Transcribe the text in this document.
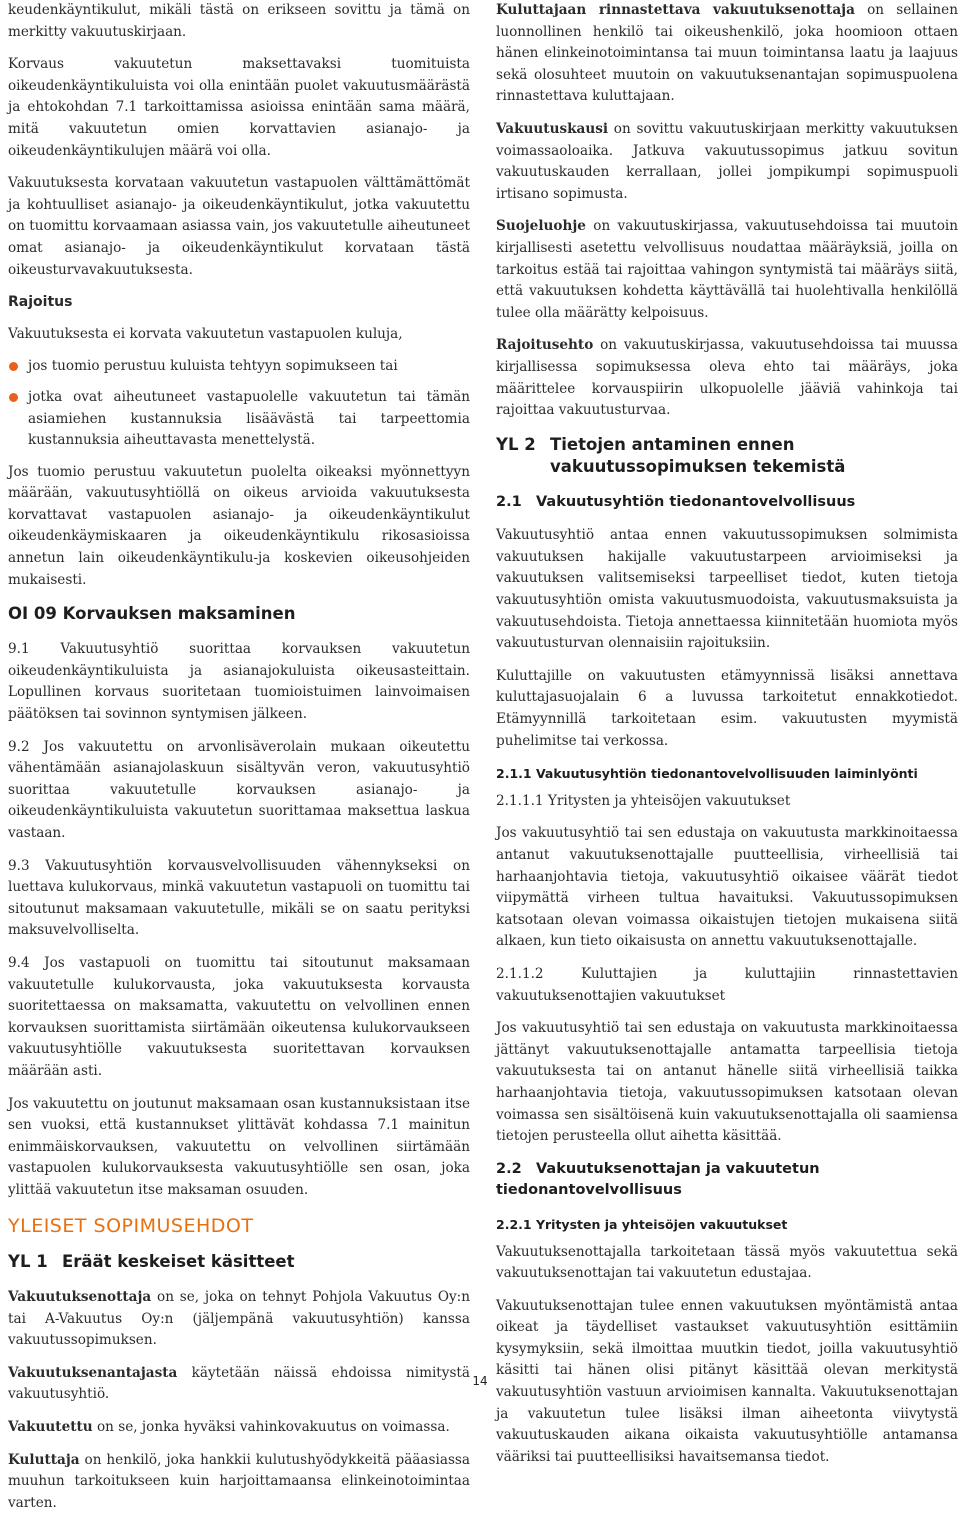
keudenkäyntikulut, mikäli tästä on erikseen sovittu ja tämä on merkitty vakuutuskirjaan.

Korvaus vakuutetun maksettavaksi tuomituista oikeudenkäyntikuluista voi olla enintään puolet vakuutusmäärästä ja ehtokohdan 7.1 tarkoittamissa asioissa enintään sama määrä, mitä vakuutetun omien korvattavien asianajo- ja oikeudenkäyntikulujen määrä voi olla.

Vakuutuksesta korvataan vakuutetun vastapuolen välttämättömät ja kohtuulliset asianajo- ja oikeudenkäyntikulut, jotka vakuutettu on tuomittu korvaamaan asiassa vain, jos vakuutetulle aiheutuneet omat asianajo- ja oikeudenkäyntikulut korvataan tästä oikeusturvavakuutuksesta.

Rajoitus

Vakuutuksesta ei korvata vakuutetun vastapuolen kuluja,

jos tuomio perustuu kuluista tehtyyn sopimukseen tai
jotka ovat aiheutuneet vastapuolelle vakuutetun tai tämän asiamiehen kustannuksia lisäävästä tai tarpeettomia kustannuksia aiheuttavasta menettelystä.

Jos tuomio perustuu vakuutetun puolelta oikeaksi myönnettyyn määrään, vakuutusyhtiöllä on oikeus arvioida vakuutuksesta korvattavat vastapuolen asianajo- ja oikeudenkäyntikulut oikeudenkäymiskaaren ja oikeudenkäyntikulu rikosasioissa annetun lain oikeudenkäyntikulu-ja koskevien oikeusohjeiden mukaisesti.

OI 09 Korvauksen maksaminen

9.1 Vakuutusyhtiö suorittaa korvauksen vakuutetun oikeudenkäyntikuluista ja asianajokuluista oikeusasteittain. Lopullinen korvaus suoritetaan tuomioistuimen lainvoimaisen päätöksen tai sovinnon syntymisen jälkeen.

9.2 Jos vakuutettu on arvonlisäverolain mukaan oikeutettu vähentämään asianajolaskuun sisältyvän veron, vakuutusyhtiö suorittaa vakuutetulle korvauksen asianajo- ja oikeudenkäyntikuluista vakuutetun suorittamaa maksettua laskua vastaan.

9.3 Vakuutusyhtiön korvausvelvollisuuden vähennykseksi on luettava kulukorvaus, minkä vakuutetun vastapuoli on tuomittu tai sitoutunut maksamaan vakuutetulle, mikäli se on saatu perityksi maksuvelvolliselta.

9.4 Jos vastapuoli on tuomittu tai sitoutunut maksamaan vakuutetulle kulukorvausta, joka vakuutuksesta korvausta suoritettaessa on maksamatta, vakuutettu on velvollinen ennen korvauksen suorittamista siirtämään oikeutensa kulukorvaukseen vakuutusyhtiölle vakuutuksesta suoritettavan korvauksen määrään asti.

Jos vakuutettu on joutunut maksamaan osan kustannuksistaan itse sen vuoksi, että kustannukset ylittävät kohdassa 7.1 mainitun enimmäiskorvauksen, vakuutettu on velvollinen siirtämään vastapuolen kulukorvauksesta vakuutusyhtiölle sen osan, joka ylittää vakuutetun itse maksaman osuuden.

YLEISET SOPIMUSEHDOT
YL 1 Eräät keskeiset käsitteet

Vakuutuksenottaja on se, joka on tehnyt Pohjola Vakuutus Oy:n tai A-Vakuutus Oy:n (jäljempänä vakuutusyhtiön) kanssa vakuutussopimuksen.

Vakuutuksenantajasta käytetään näissä ehdoissa nimitystä vakuutusyhtiö.

Vakuutettu on se, jonka hyväksi vahinkovakuutus on voimassa.

Kuluttaja on henkilö, joka hankkii kulutushyödykkeitä pääasiassa muuhun tarkoitukseen kuin harjoittamaansa elinkeinotoimintaa varten.

Kuluttajaan rinnastettava vakuutuksenottaja on sellainen luonnollinen henkilö tai oikeushenkilö, joka hoomioon ottaen hänen elinkeinotoimintansa tai muun toimintansa laatu ja laajuus sekä olosuhteet muutoin on vakuutuksenantajan sopimuspuolena rinnastettava kuluttajaan.

Vakuutuskausi on sovittu vakuutuskirjaan merkitty vakuutuksen voimassaoloaika. Jatkuva vakuutussopimus jatkuu sovitun vakuutuskauden kerrallaan, jollei jompikumpi sopimuspuoli irtisano sopimusta.

Suojeluohje on vakuutuskirjassa, vakuutusehdoissa tai muutoin kirjallisesti asetettu velvollisuus noudattaa määräyksiä, joilla on tarkoitus estää tai rajoittaa vahingon syntymistä tai määräys siitä, että vakuutuksen kohdetta käyttävällä tai huolehtivalla henkilöllä tulee olla määrätty kelpoisuus.

Rajoitusehto on vakuutuskirjassa, vakuutusehdoissa tai muussa kirjallisessa sopimuksessa oleva ehto tai määräys, joka määrittelee korvauspiirin ulkopuolelle jääviä vahinkoja tai rajoittaa vakuutusturvaa.

YL 2 Tietojen antaminen ennen vakuutussopimuksen tekemistä
2.1 Vakuutusyhtiön tiedonantovelvollisuus

Vakuutusyhtiö antaa ennen vakuutussopimuksen solmimista vakuutuksen hakijalle vakuutustarpeen arvioimiseksi ja vakuutuksen valitsemiseksi tarpeelliset tiedot, kuten tietoja vakuutusyhtiön omista vakuutusmuodoista, vakuutusmaksuista ja vakuutusehdoista. Tietoja annettaessa kiinnitetään huomiota myös vakuutusturvan olennaisiin rajoituksiin.

Kuluttajille on vakuutusten etämyynnissä lisäksi annettava kuluttajasuojalain 6 a luvussa tarkoitetut ennakkotiedot. Etämyynnillä tarkoitetaan esim. vakuutusten myymistä puhelimitse tai verkossa.

2.1.1 Vakuutusyhtiön tiedonantovelvollisuuden laiminlyönti

2.1.1.1 Yritysten ja yhteisöjen vakuutukset

Jos vakuutusyhtiö tai sen edustaja on vakuutusta markkinoitaessa antanut vakuutuksenottajalle puutteellisia, virheellisiä tai harhaanjohtavia tietoja, vakuutusyhtiö oikaisee väärät tiedot viipymättä virheen tultua havaituksi. Vakuutussopimuksen katsotaan olevan voimassa oikaistujen tietojen mukaisena siitä alkaen, kun tieto oikaisusta on annettu vakuutuksenottajalle.

2.1.1.2 Kuluttajien ja kuluttajiin rinnastettavien vakuutuksenottajien vakuutukset

Jos vakuutusyhtiö tai sen edustaja on vakuutusta markkinoitaessa jättänyt vakuutuksenottajalle antamatta tarpeellisia tietoja vakuutuksesta tai on antanut hänelle siitä virheellisiä taikka harhaanjohtavia tietoja, vakuutussopimuksen katsotaan olevan voimassa sen sisältöisenä kuin vakuutuksenottajalla oli saamiensa tietojen perusteella ollut aihetta käsittää.

2.2 Vakuutuksenottajan ja vakuutetun tiedonantovelvollisuus
2.2.1 Yritysten ja yhteisöjen vakuutukset

Vakuutuksenottajalla tarkoitetaan tässä myös vakuutettua sekä vakuutuksenottajan tai vakuutetun edustajaa.

Vakuutuksenottajan tulee ennen vakuutuksen myöntämistä antaa oikeat ja täydelliset vastaukset vakuutusyhtiön esittämiin kysymyksiin, sekä ilmoittaa muutkin tiedot, joilla vakuutusyhtiö käsitti tai hänen olisi pitänyt käsittää olevan merkitystä vakuutusyhtiön vastuun arvioimisen kannalta. Vakuutuksenottajan ja vakuutetun tulee lisäksi ilman aiheetonta viivytystä vakuutuskauden aikana oikaista vakuutusyhtiölle antamansa vääriksi tai puutteellisiksi havaitsemansa tiedot.

14
